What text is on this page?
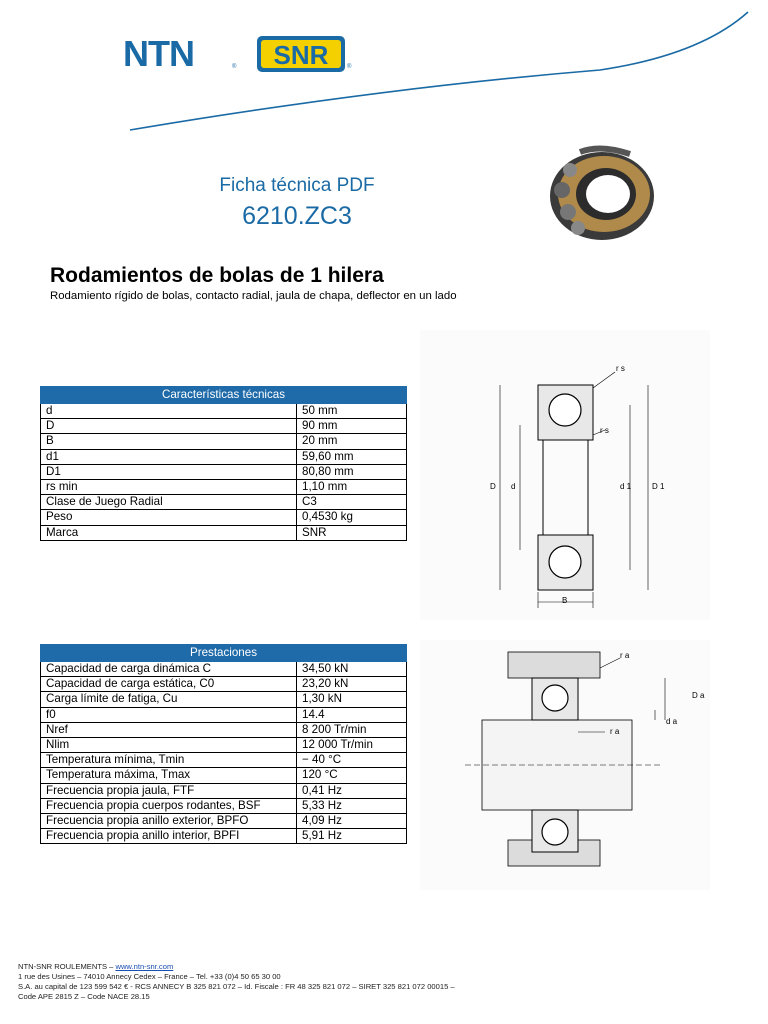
NTN	® SNR	®
Ficha técnica PDF
6210.ZC3
Rodamientos de bolas de 1 hilera
Rodamiento rígido de bolas, contacto radial, jaula de chapa, deflector en un lado
Características técnicas	
d	50 mm
D	90 mm
B	20 mm
d1	59,60 mm
D1	80,80 mm
rs min	1,10 mm
Clase de Juego Radial	C3
Peso	0,4530 kg
Marca	SNR
Prestaciones	
Capacidad de carga dinámica C	34,50 kN
Capacidad de carga estática, C0	23,20 kN
Carga límite de fatiga, Cu	1,30 kN
f0	14.4
Nref	8 200 Tr/min
Nlim	12 000 Tr/min
Temperatura mínima, Tmin	− 40 °C
Temperatura máxima, Tmax	120 °C
Frecuencia propia jaula, FTF	0,41 Hz
Frecuencia propia cuerpos rodantes, BSF	5,33 Hz
Frecuencia propia anillo exterior, BPFO	4,09 Hz
Frecuencia propia anillo interior, BPFI	5,91 Hz
r s
r s
D d	d 1	D 1
B
r a
r a
D a
d a
NTN-SNR ROULEMENTS – www.ntn-snr.com
1 rue des Usines – 74010 Annecy Cedex – France – Tel. +33 (0)4 50 65 30 00
S.A. au capital de 123 599 542 € - RCS ANNECY B 325 821 072 – Id. Fiscale : FR 48 325 821 072 – SIRET 325 821 072 00015 –
Code APE 2815 Z – Code NACE 28.15
